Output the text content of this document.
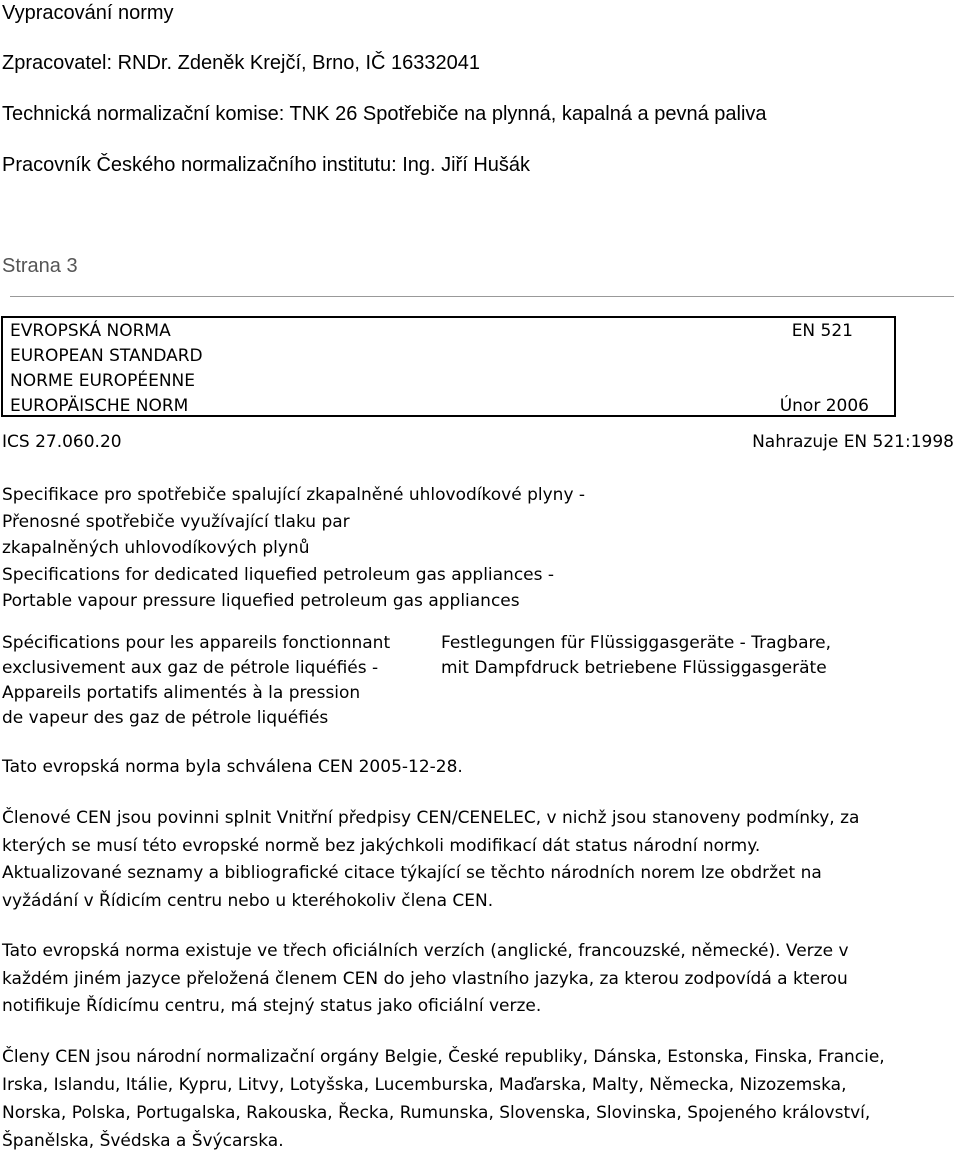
Vypracování normy
Zpracovatel: RNDr. Zdeněk Krejčí, Brno, IČ 16332041
Technická normalizační komise: TNK 26 Spotřebiče na plynná, kapalná a pevná paliva
Pracovník Českého normalizačního institutu: Ing. Jiří Hušák
Strana 3
EVROPSKÁ NORMA
EUROPEAN STANDARD
NORME EUROPÉENNE
EUROPÄISCHE NORM
EN 521
Únor 2006
ICS 27.060.20	Nahrazuje EN 521:1998
Specifikace pro spotřebiče spalující zkapalněné uhlovodíkové plyny -
Přenosné spotřebiče využívající tlaku par
zkapalněných uhlovodíkových plynů
Specifications for dedicated liquefied petroleum gas appliances -
Portable vapour pressure liquefied petroleum gas appliances
Spécifications pour les appareils fonctionnant
exclusivement aux gaz de pétrole liquéfiés -
Appareils portatifs alimentés à la pression
de vapeur des gaz de pétrole liquéfiés
Festlegungen für Flüssiggasgeräte - Tragbare,
mit Dampfdruck betriebene Flüssiggasgeräte
Tato evropská norma byla schválena CEN 2005-12-28.
Členové CEN jsou povinni splnit Vnitřní předpisy CEN/CENELEC, v nichž jsou stanoveny podmínky, za
kterých se musí této evropské normě bez jakýchkoli modifikací dát status národní normy.
Aktualizované seznamy a bibliografické citace týkající se těchto národních norem lze obdržet na
vyžádání v Řídicím centru nebo u kteréhokoliv člena CEN.
Tato evropská norma existuje ve třech oficiálních verzích (anglické, francouzské, německé). Verze v
každém jiném jazyce přeložená členem CEN do jeho vlastního jazyka, za kterou zodpovídá a kterou
notifikuje Řídicímu centru, má stejný status jako oficiální verze.
Členy CEN jsou národní normalizační orgány Belgie, České republiky, Dánska, Estonska, Finska, Francie,
Irska, Islandu, Itálie, Kypru, Litvy, Lotyšska, Lucemburska, Maďarska, Malty, Německa, Nizozemska,
Norska, Polska, Portugalska, Rakouska, Řecka, Rumunska, Slovenska, Slovinska, Spojeného království,
Španělska, Švédska a Švýcarska.
